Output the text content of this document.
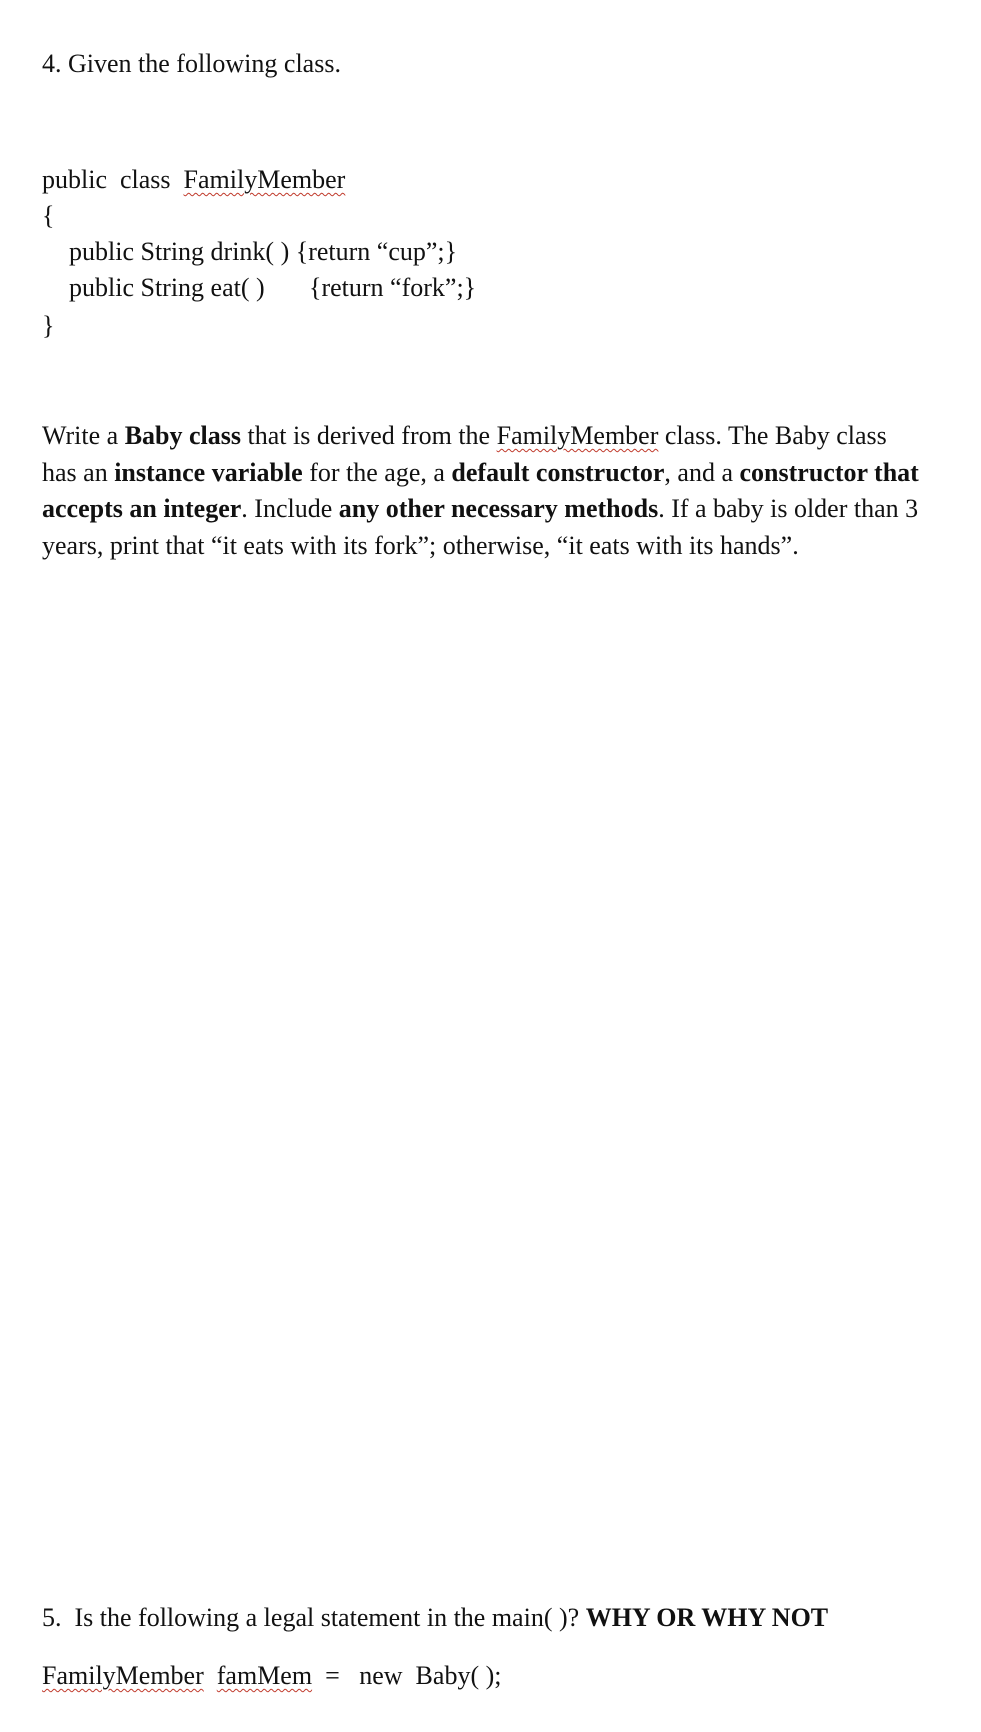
4. Given the following class.
public  class  FamilyMember
{
public String drink( ) {return “cup”;}
public String eat( ) {return “fork”;}
}
Write a Baby class that is derived from the FamilyMember class. The Baby class
has an instance variable for the age, a default constructor, and a constructor that
accepts an integer. Include any other necessary methods. If a baby is older than 3
years, print that “it eats with its fork”; otherwise, “it eats with its hands”.
5.  Is the following a legal statement in the main( )? WHY OR WHY NOT
FamilyMember famMem  =   new  Baby( );
